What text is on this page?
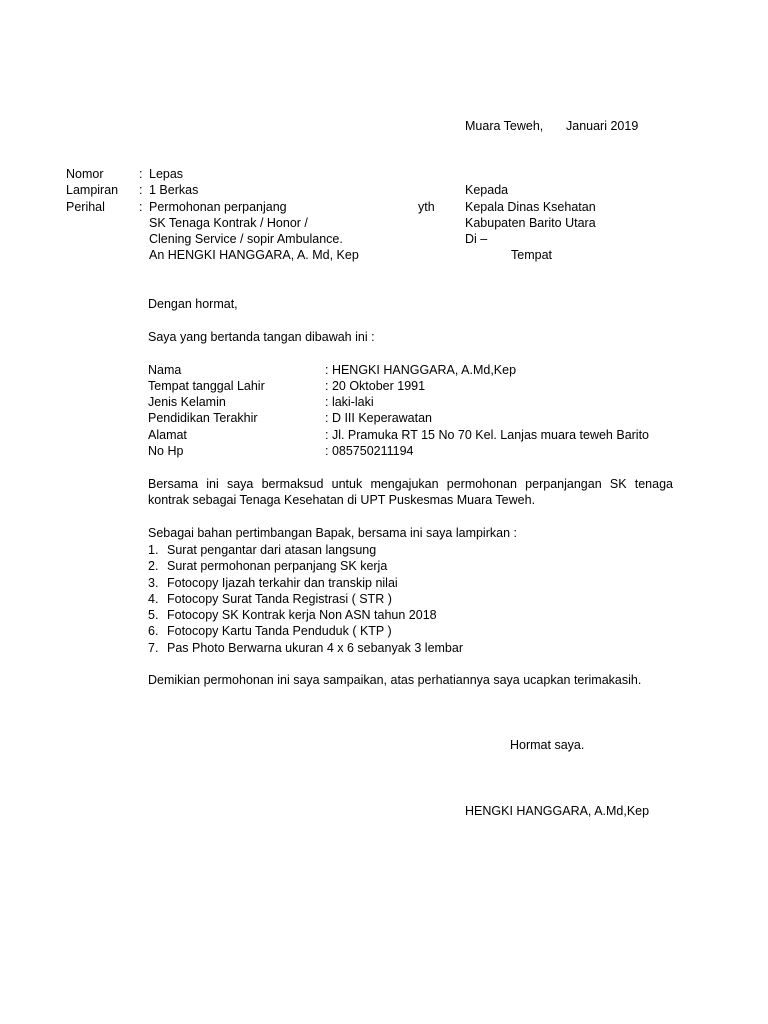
Muara Teweh, Januari 2019
Nomor	: Lepas
Lampiran	: 1 Berkas
Perihal	: Permohonan perpanjang
SK Tenaga Kontrak / Honor /
Clening Service / sopir Ambulance.
An HENGKI HANGGARA, A. Md, Kep
yth
Kepada
Kepala Dinas Ksehatan
Kabupaten Barito Utara
Di –
Tempat
Dengan hormat,
Saya yang bertanda tangan dibawah ini :
Nama	: HENGKI HANGGARA, A.Md,Kep
Tempat tanggal Lahir	: 20 Oktober 1991
Jenis Kelamin	: laki-laki
Pendidikan Terakhir	: D III Keperawatan
Alamat	: Jl. Pramuka RT 15 No 70 Kel. Lanjas muara teweh Barito
No Hp	: 085750211194
Bersama ini saya bermaksud untuk mengajukan permohonan perpanjangan SK tenaga kontrak sebagai Tenaga Kesehatan di UPT Puskesmas Muara Teweh.
Sebagai bahan pertimbangan Bapak, bersama ini saya lampirkan :
1. Surat pengantar dari atasan langsung
2. Surat permohonan perpanjang SK kerja
3. Fotocopy Ijazah terkahir dan transkip nilai
4. Fotocopy Surat Tanda Registrasi ( STR )
5. Fotocopy SK Kontrak kerja Non ASN tahun 2018
6. Fotocopy Kartu Tanda Penduduk ( KTP )
7. Pas Photo Berwarna ukuran 4 x 6 sebanyak 3 lembar
Demikian permohonan ini saya sampaikan, atas perhatiannya saya ucapkan terimakasih.
Hormat saya.
HENGKI HANGGARA, A.Md,Kep
